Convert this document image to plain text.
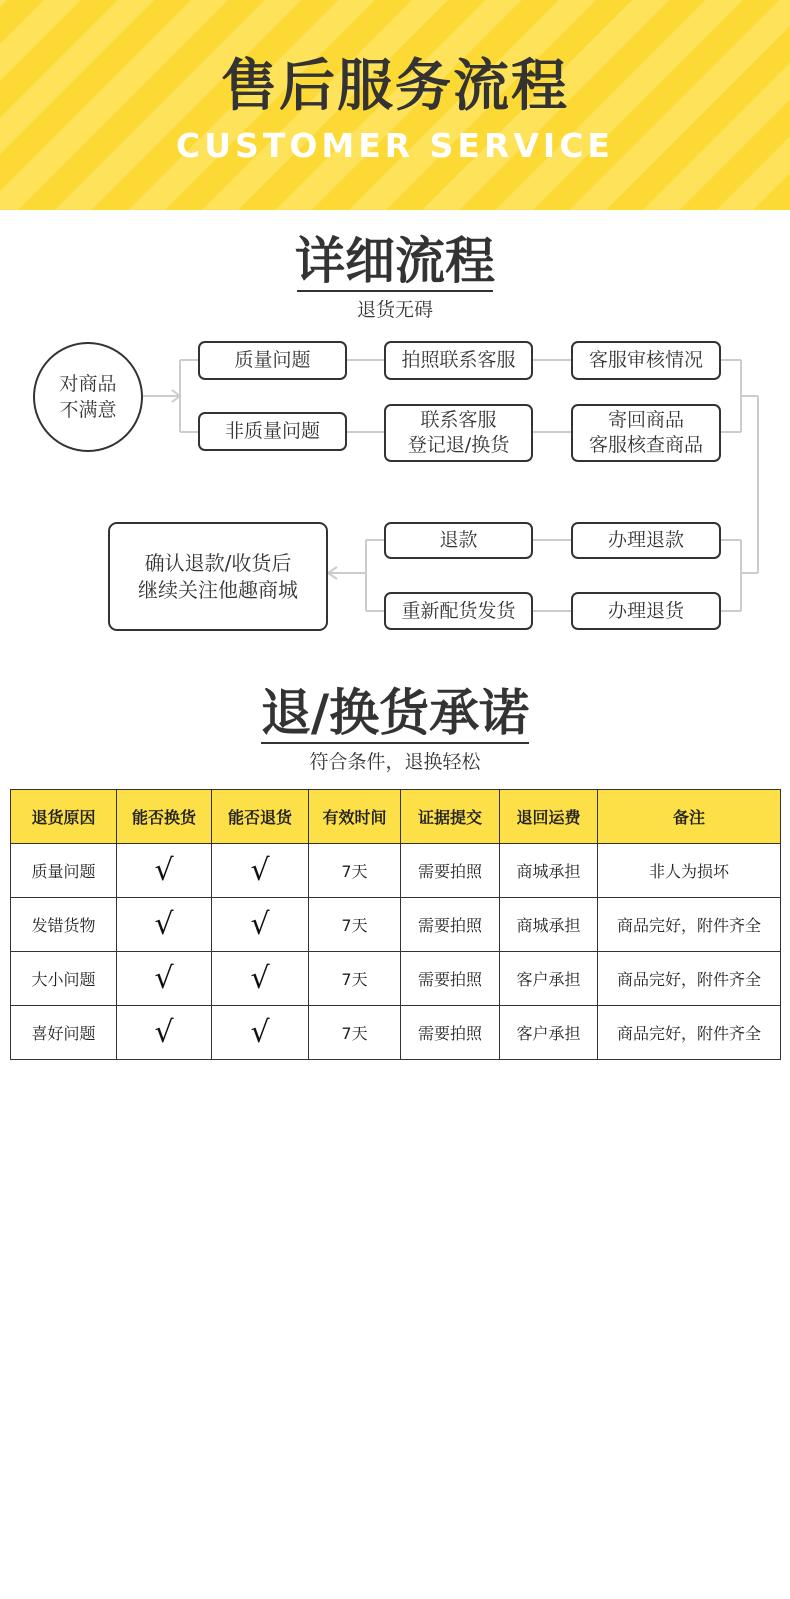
售后服务流程
CUSTOMER SERVICE
详细流程
退货无碍
对商品
不满意
质量问题
非质量问题
拍照联系客服
联系客服
登记退/换货
客服审核情况
寄回商品
客服核查商品
退款
重新配货发货
办理退款
办理退货
确认退款/收货后
继续关注他趣商城
退/换货承诺
符合条件，退换轻松
退货原因	能否换货	能否退货	有效时间	证据提交	退回运费	备注
质量问题	√	√	7天	需要拍照	商城承担	非人为损坏
发错货物	√	√	7天	需要拍照	商城承担	商品完好，附件齐全
大小问题	√	√	7天	需要拍照	客户承担	商品完好，附件齐全
喜好问题	√	√	7天	需要拍照	客户承担	商品完好，附件齐全
